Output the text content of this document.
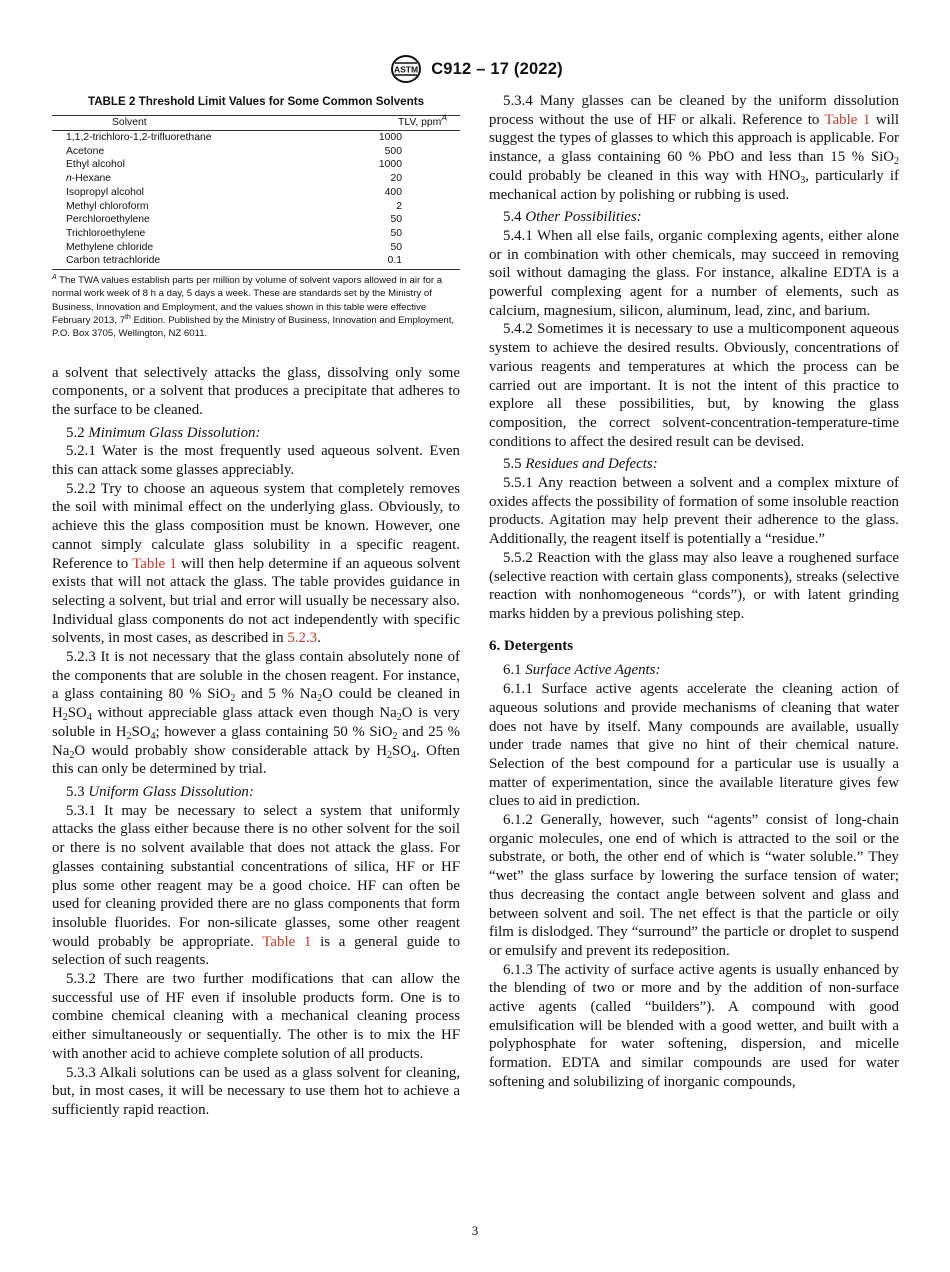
ASTM C912 – 17 (2022)
TABLE 2 Threshold Limit Values for Some Common Solvents
Solvent	TLV, ppm$^A$
1,1,2-trichloro-1,2-trifluorethane	1000
Acetone	500
Ethyl alcohol	1000
n-Hexane	20
Isopropyl alcohol	400
Methyl chloroform	2
Perchloroethylene	50
Trichloroethylene	50
Methylene chloride	50
Carbon tetrachloride	0.1
$^A$ The TWA values establish parts per million by volume of solvent vapors allowed in air for a normal work week of 8 h a day, 5 days a week. These are standards set by the Ministry of Business, Innovation and Employment, and the values shown in this table were effective February 2013, 7th Edition. Published by the Ministry of Business, Innovation and Employment, P.O. Box 3705, Wellington, NZ 6011.

a solvent that selectively attacks the glass, dissolving only some components, or a solvent that produces a precipitate that adheres to the surface to be cleaned.

5.2 Minimum Glass Dissolution:

5.2.1 Water is the most frequently used aqueous solvent. Even this can attack some glasses appreciably.

5.2.2 Try to choose an aqueous system that completely removes the soil with minimal effect on the underlying glass. Obviously, to achieve this the glass composition must be known. However, one cannot simply calculate glass solubility in a specific reagent. Reference to Table 1 will then help determine if an aqueous solvent exists that will not attack the glass. The table provides guidance in selecting a solvent, but trial and error will usually be necessary also. Individual glass components do not act independently with specific solvents, in most cases, as described in 5.2.3.

5.2.3 It is not necessary that the glass contain absolutely none of the components that are soluble in the chosen reagent. For instance, a glass containing 80 % SiO$_2$ and 5 % $Na_2O$ could be cleaned in $H_2SO_4$ without appreciable glass attack even though $Na_2O$ is very soluble in $H_2SO_4$; however a glass containing 50 % SiO$_2$ and 25 % $Na_2O$ would probably show considerable attack by $H_2SO_4$. Often this can only be determined by trial.

5.3 Uniform Glass Dissolution:

5.3.1 It may be necessary to select a system that uniformly attacks the glass either because there is no other solvent for the soil or there is no solvent available that does not attack the glass. For glasses containing substantial concentrations of silica, HF or HF plus some other reagent may be a good choice. HF can often be used for cleaning provided there are no glass components that form insoluble fluorides. For non-silicate glasses, some other reagent would probably be appropriate. Table 1 is a general guide to selection of such reagents.

5.3.2 There are two further modifications that can allow the successful use of HF even if insoluble products form. One is to combine chemical cleaning with a mechanical cleaning process either simultaneously or sequentially. The other is to mix the HF with another acid to achieve complete solution of all products.

5.3.3 Alkali solutions can be used as a glass solvent for cleaning, but, in most cases, it will be necessary to use them hot to achieve a sufficiently rapid reaction.

5.3.4 Many glasses can be cleaned by the uniform dissolution process without the use of HF or alkali. Reference to Table 1 will suggest the types of glasses to which this approach is applicable. For instance, a glass containing 60 % PbO and less than 15 % SiO$_2$ could probably be cleaned in this way with $HNO_3$, particularly if mechanical action by polishing or rubbing is used.

5.4 Other Possibilities:

5.4.1 When all else fails, organic complexing agents, either alone or in combination with other chemicals, may succeed in removing soil without damaging the glass. For instance, alkaline EDTA is a powerful complexing agent for a number of elements, such as calcium, magnesium, silicon, aluminum, lead, zinc, and barium.

5.4.2 Sometimes it is necessary to use a multicomponent aqueous system to achieve the desired results. Obviously, concentrations of various reagents and temperatures at which the process can be carried out are important. It is not the intent of this practice to explore all these possibilities, but, by knowing the glass composition, the correct solvent-concentration-temperature-time conditions to affect the desired result can be devised.

5.5 Residues and Defects:

5.5.1 Any reaction between a solvent and a complex mixture of oxides affects the possibility of formation of some insoluble reaction products. Agitation may help prevent their adherence to the glass. Additionally, the reagent itself is potentially a “residue.”

5.5.2 Reaction with the glass may also leave a roughened surface (selective reaction with certain glass components), streaks (selective reaction with nonhomogeneous “cords”), or with latent grinding marks hidden by a previous polishing step.

6. Detergents

6.1 Surface Active Agents:

6.1.1 Surface active agents accelerate the cleaning action of aqueous solutions and provide mechanisms of cleaning that water does not have by itself. Many compounds are available, usually under trade names that give no hint of their chemical nature. Selection of the best compound for a particular use is usually a matter of experimentation, since the available literature gives few clues to aid in prediction.

6.1.2 Generally, however, such “agents” consist of long-chain organic molecules, one end of which is attracted to the soil or the substrate, or both, the other end of which is “water soluble.” They “wet” the glass surface by lowering the surface tension of water; thus decreasing the contact angle between solvent and glass and between solvent and soil. The net effect is that the particle or oily film is dislodged. They “surround” the particle or droplet to suspend or emulsify and prevent its redeposition.

6.1.3 The activity of surface active agents is usually enhanced by the blending of two or more and by the addition of non-surface active agents (called “builders”). A compound with good emulsification will be blended with a good wetter, and built with a polyphosphate for water softening, dispersion, and micelle formation. EDTA and similar compounds are used for water softening and solubilizing of inorganic compounds,

3
